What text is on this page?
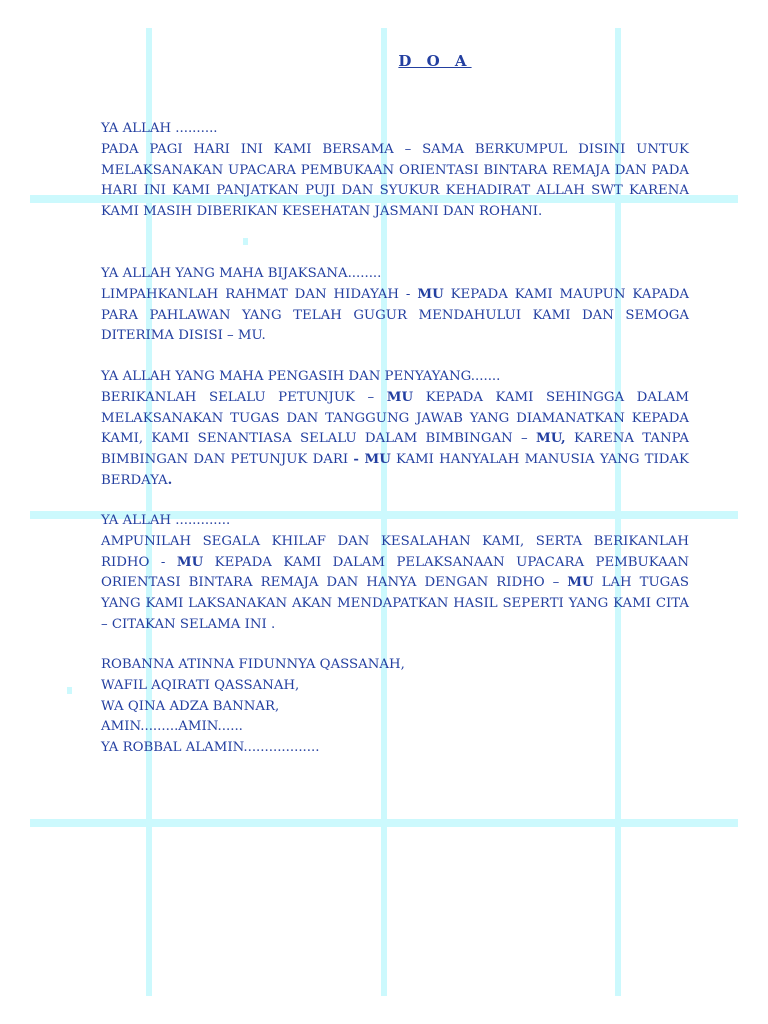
D O A

YA ALLAH ..........

PADA PAGI HARI INI KAMI BERSAMA – SAMA BERKUMPUL DISINI UNTUK MELAKSANAKAN UPACARA PEMBUKAAN ORIENTASI BINTARA REMAJA DAN PADA HARI INI KAMI PANJATKAN PUJI DAN SYUKUR KEHADIRAT ALLAH SWT KARENA KAMI MASIH DIBERIKAN KESEHATAN JASMANI DAN ROHANI.

YA ALLAH YANG MAHA BIJAKSANA........

LIMPAHKANLAH RAHMAT DAN HIDAYAH - MU KEPADA KAMI MAUPUN KAPADA PARA PAHLAWAN YANG TELAH GUGUR MENDAHULUI KAMI DAN SEMOGA DITERIMA DISISI – MU.

YA ALLAH YANG MAHA PENGASIH DAN PENYAYANG.......

BERIKANLAH SELALU PETUNJUK – MU KEPADA KAMI SEHINGGA DALAM MELAKSANAKAN TUGAS DAN TANGGUNG JAWAB YANG DIAMANATKAN KEPADA KAMI, KAMI SENANTIASA SELALU DALAM BIMBINGAN – MU, KARENA TANPA BIMBINGAN DAN PETUNJUK DARI - MU KAMI HANYALAH MANUSIA YANG TIDAK BERDAYA.

YA ALLAH .............

AMPUNILAH SEGALA KHILAF DAN KESALAHAN KAMI, SERTA BERIKANLAH RIDHO - MU KEPADA KAMI DALAM PELAKSANAAN UPACARA PEMBUKAAN ORIENTASI BINTARA REMAJA DAN HANYA DENGAN RIDHO – MU LAH TUGAS YANG KAMI LAKSANAKAN AKAN MENDAPATKAN HASIL SEPERTI YANG KAMI CITA – CITAKAN SELAMA INI .

ROBANNA ATINNA FIDUNNYA QASSANAH,

WAFIL AQIRATI QASSANAH,

WA QINA ADZA BANNAR,

AMIN.........AMIN......

YA ROBBAL ALAMIN..................
